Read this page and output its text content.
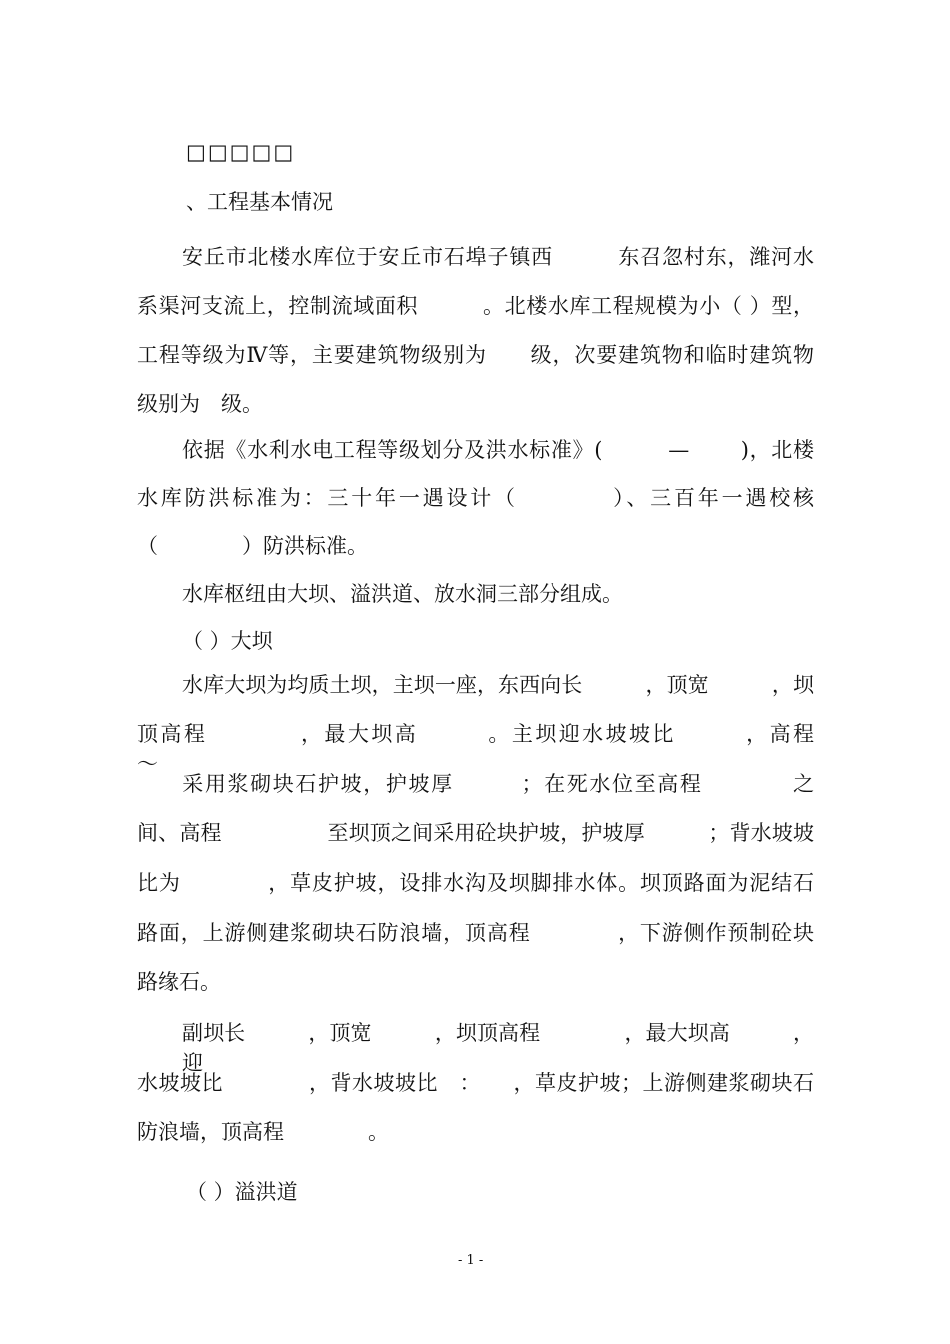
□□□□□
、工程基本情况
安丘市北楼水库位于安丘市石埠子镇西　　　东召忽村东，潍河水
系渠河支流上，控制流域面积　　　。北楼水库工程规模为小（ ）型，
工程等级为Ⅳ等，主要建筑物级别为　　级，次要建筑物和临时建筑物
级别为　级。
依据《水利水电工程等级划分及洪水标准》(　　　—　　 )，北楼
水库防洪标准为：三十年一遇设计（　　　　）、三百年一遇校核
（　　　　）防洪标准。
水库枢纽由大坝、溢洪道、放水洞三部分组成。
（ ）大坝
水库大坝为均质土坝，主坝一座，东西向长　　　，顶宽　　　，坝
顶高程　　　　，最大坝高　　　。主坝迎水坡坡比　　　，高程　　　　～
　　采用浆砌块石护坡，护坡厚　　　；在死水位至高程　　　　之
间、高程　　　　　至坝顶之间采用砼块护坡，护坡厚　　　；背水坡坡
比为　　　　，草皮护坡，设排水沟及坝脚排水体。坝顶路面为泥结石
路面，上游侧建浆砌块石防浪墙，顶高程　　　　，下游侧作预制砼块
路缘石。
副坝长　　　，顶宽　　　，坝顶高程　　　　，最大坝高　　　，迎
水坡坡比　　　　，背水坡坡比　：　　，草皮护坡；上游侧建浆砌块石
防浪墙，顶高程　　　　。
（ ）溢洪道
- 1 -
